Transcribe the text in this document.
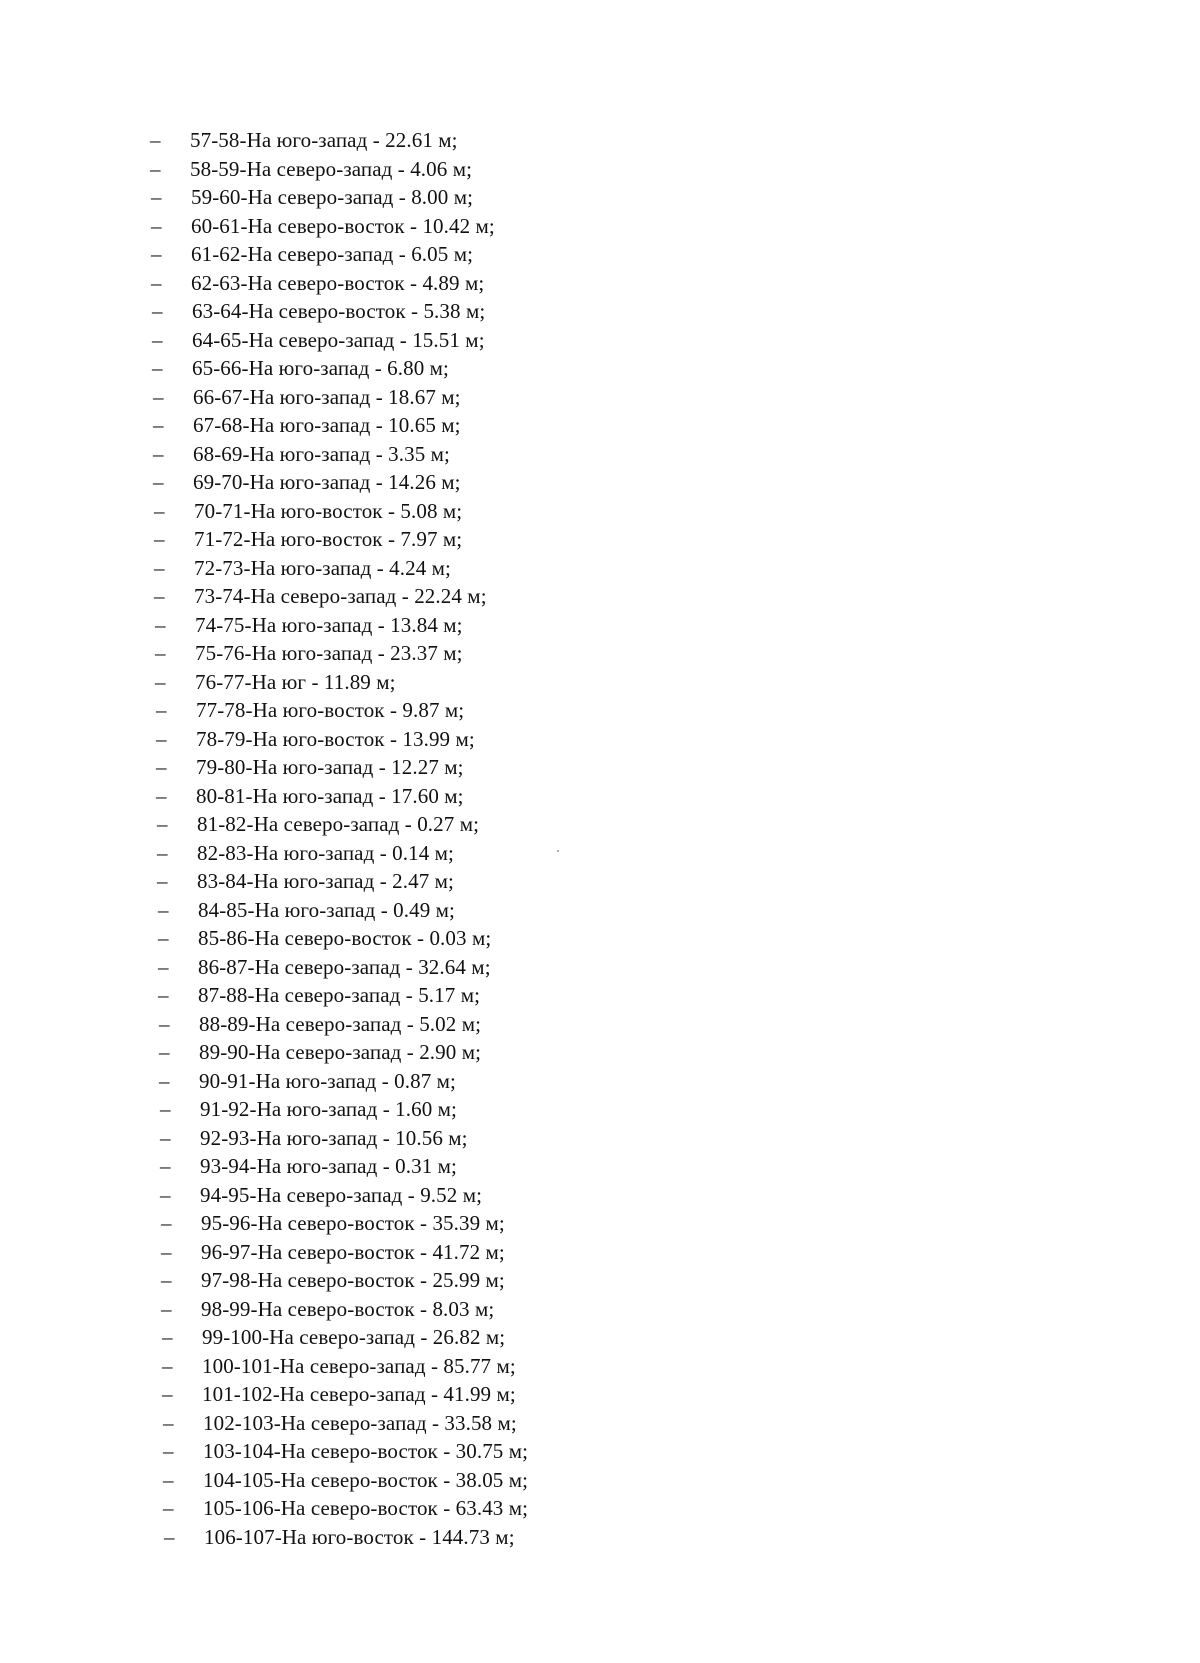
–	57-58-На юго-запад - 22.61 м;
–	58-59-На северо-запад - 4.06 м;
–	59-60-На северо-запад - 8.00 м;
–	60-61-На северо-восток - 10.42 м;
–	61-62-На северо-запад - 6.05 м;
–	62-63-На северо-восток - 4.89 м;
–	63-64-На северо-восток - 5.38 м;
–	64-65-На северо-запад - 15.51 м;
–	65-66-На юго-запад - 6.80 м;
–	66-67-На юго-запад - 18.67 м;
–	67-68-На юго-запад - 10.65 м;
–	68-69-На юго-запад - 3.35 м;
–	69-70-На юго-запад - 14.26 м;
–	70-71-На юго-восток - 5.08 м;
–	71-72-На юго-восток - 7.97 м;
–	72-73-На юго-запад - 4.24 м;
–	73-74-На северо-запад - 22.24 м;
–	74-75-На юго-запад - 13.84 м;
–	75-76-На юго-запад - 23.37 м;
–	76-77-На юг - 11.89 м;
–	77-78-На юго-восток - 9.87 м;
–	78-79-На юго-восток - 13.99 м;
–	79-80-На юго-запад - 12.27 м;
–	80-81-На юго-запад - 17.60 м;
–	81-82-На северо-запад - 0.27 м;
–	82-83-На юго-запад - 0.14 м;
–	83-84-На юго-запад - 2.47 м;
–	84-85-На юго-запад - 0.49 м;
–	85-86-На северо-восток - 0.03 м;
–	86-87-На северо-запад - 32.64 м;
–	87-88-На северо-запад - 5.17 м;
–	88-89-На северо-запад - 5.02 м;
–	89-90-На северо-запад - 2.90 м;
–	90-91-На юго-запад - 0.87 м;
–	91-92-На юго-запад - 1.60 м;
–	92-93-На юго-запад - 10.56 м;
–	93-94-На юго-запад - 0.31 м;
–	94-95-На северо-запад - 9.52 м;
–	95-96-На северо-восток - 35.39 м;
–	96-97-На северо-восток - 41.72 м;
–	97-98-На северо-восток - 25.99 м;
–	98-99-На северо-восток - 8.03 м;
–	99-100-На северо-запад - 26.82 м;
–	100-101-На северо-запад - 85.77 м;
–	101-102-На северо-запад - 41.99 м;
–	102-103-На северо-запад - 33.58 м;
–	103-104-На северо-восток - 30.75 м;
–	104-105-На северо-восток - 38.05 м;
–	105-106-На северо-восток - 63.43 м;
–	106-107-На юго-восток - 144.73 м;
